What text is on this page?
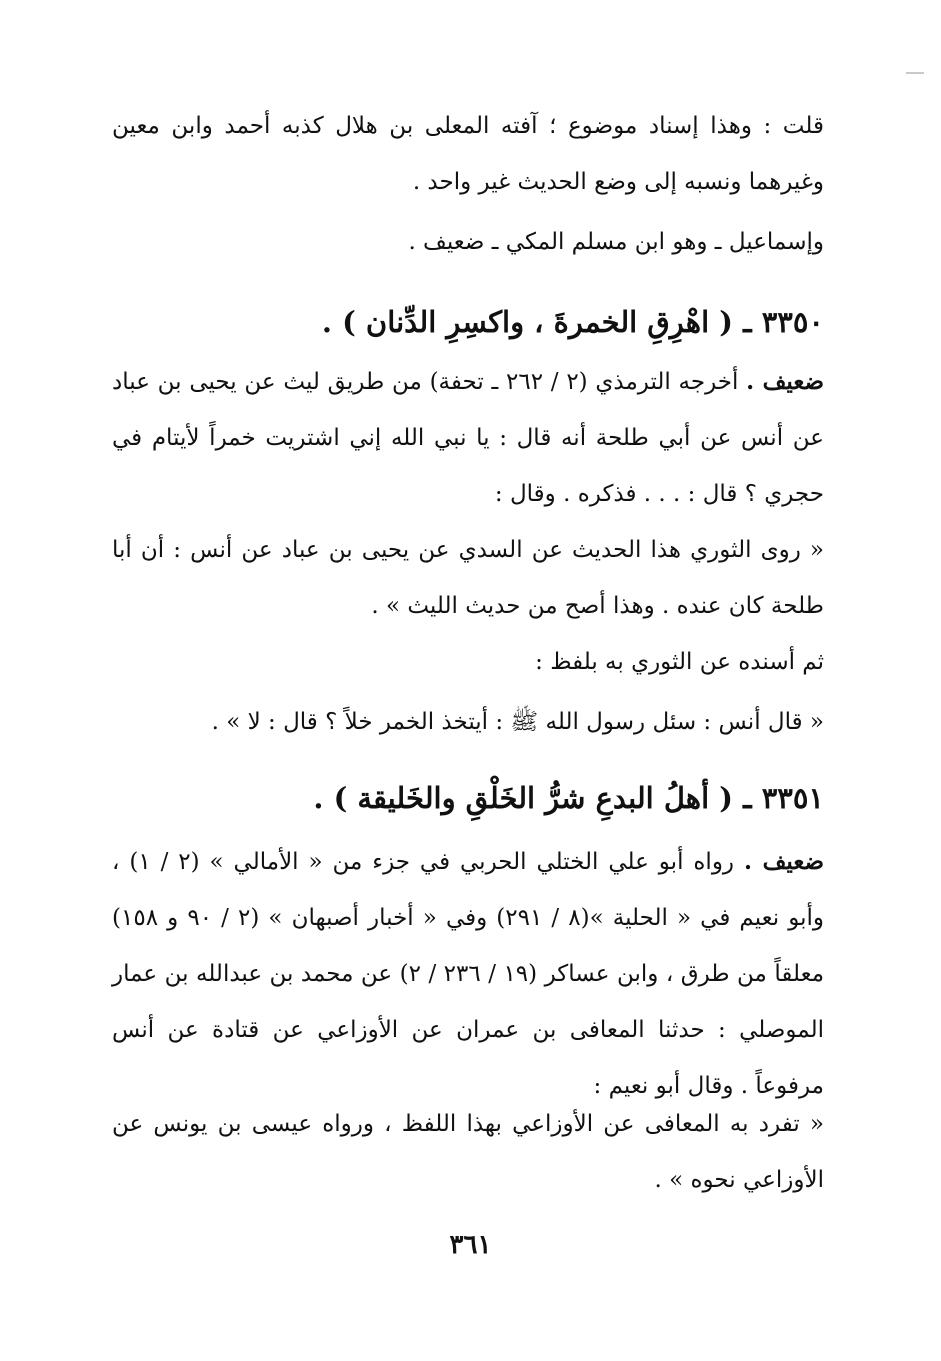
قلت : وهذا إسناد موضوع ؛ آفته المعلى بن هلال كذبه أحمد وابن معين وغيرهما ونسبه إلى وضع الحديث غير واحد .

وإسماعيل ـ وهو ابن مسلم المكي ـ ضعيف .

٣٣٥٠ ـ ( اهْرِقِ الخمرةَ ، واكسِرِ الدِّنان ) .

ضعيف . أخرجه الترمذي (٢ / ٢٦٢ ـ تحفة) من طريق ليث عن يحيى بن عباد عن أنس عن أبي طلحة أنه قال : يا نبي الله إني اشتريت خمراً لأيتام في حجري ؟ قال : . . . فذكره . وقال :

« روى الثوري هذا الحديث عن السدي عن يحيى بن عباد عن أنس : أن أبا طلحة كان عنده . وهذا أصح من حديث الليث » .

ثم أسنده عن الثوري به بلفظ :

« قال أنس : سئل رسول الله ﷺ : أيتخذ الخمر خلاً ؟ قال : لا » .

٣٣٥١ ـ ( أهلُ البدعِ شرُّ الخَلْقِ والخَليقة ) .

ضعيف . رواه أبو علي الختلي الحربي في جزء من « الأمالي » (٢ / ١) ، وأبو نعيم في « الحلية »(٨ / ٢٩١) وفي « أخبار أصبهان » (٢ / ٩٠ و ١٥٨) معلقاً من طرق ، وابن عساكر (١٩ / ٢٣٦ / ٢) عن محمد بن عبدالله بن عمار الموصلي : حدثنا المعافى بن عمران عن الأوزاعي عن قتادة عن أنس مرفوعاً . وقال أبو نعيم :

« تفرد به المعافى عن الأوزاعي بهذا اللفظ ، ورواه عيسى بن يونس عن الأوزاعي نحوه » .

٣٦١
